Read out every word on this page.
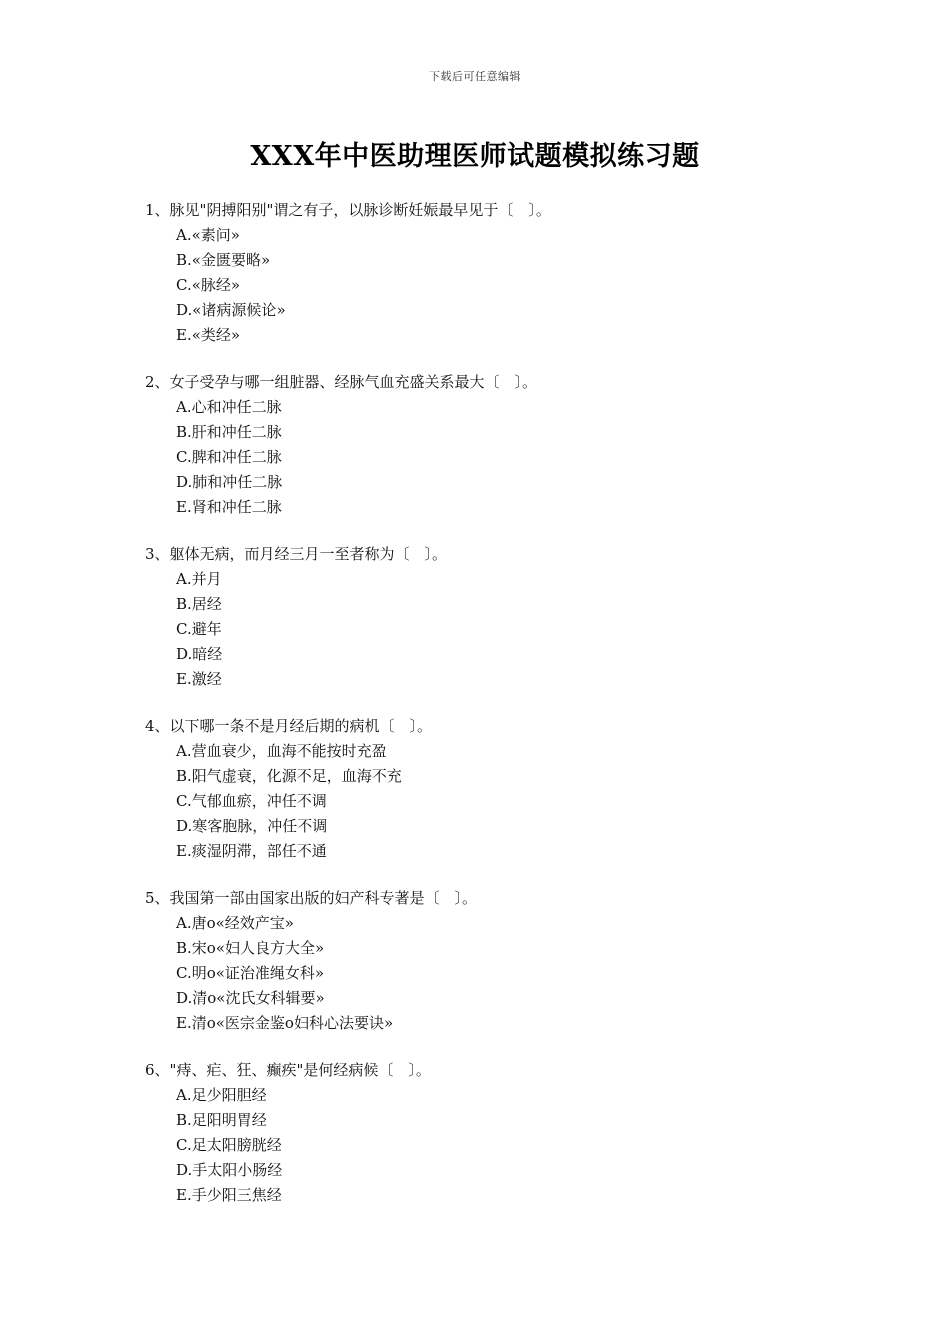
下载后可任意编辑
XXX年中医助理医师试题模拟练习题
1、脉见"阴搏阳别"谓之有子，以脉诊断妊娠最早见于〔　〕。
A.«素问»
B.«金匮要略»
C.«脉经»
D.«诸病源候论»
E.«类经»
2、女子受孕与哪一组脏器、经脉气血充盛关系最大〔　〕。
A.心和冲任二脉
B.肝和冲任二脉
C.脾和冲任二脉
D.肺和冲任二脉
E.肾和冲任二脉
3、躯体无病，而月经三月一至者称为〔　〕。
A.并月
B.居经
C.避年
D.暗经
E.激经
4、以下哪一条不是月经后期的病机〔　〕。
A.营血衰少，血海不能按时充盈
B.阳气虚衰，化源不足，血海不充
C.气郁血瘀，冲任不调
D.寒客胞脉，冲任不调
E.痰湿阴滞，部任不通
5、我国第一部由国家出版的妇产科专著是〔　〕。
A.唐o«经效产宝»
B.宋o«妇人良方大全»
C.明o«证治准绳女科»
D.清o«沈氏女科辑要»
E.清o«医宗金鉴o妇科心法要诀»
6、"痔、疟、狂、癫疾"是何经病候〔　〕。
A.足少阳胆经
B.足阳明胃经
C.足太阳膀胱经
D.手太阳小肠经
E.手少阳三焦经
